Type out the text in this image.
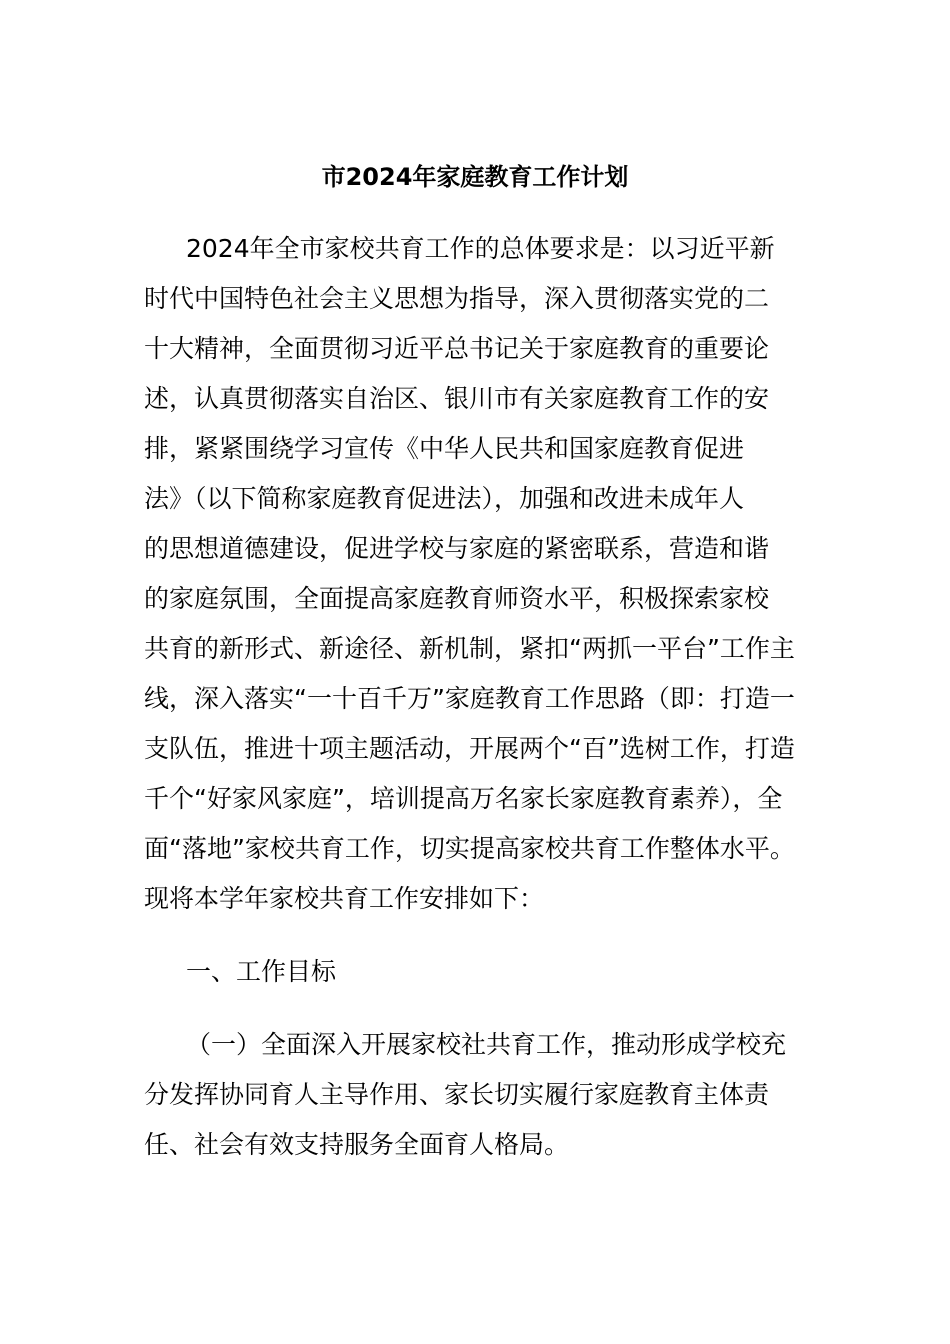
市2024年家庭教育工作计划
2024年全市家校共育工作的总体要求是：以习近平新
时代中国特色社会主义思想为指导，深入贯彻落实党的二
十大精神，全面贯彻习近平总书记关于家庭教育的重要论
述，认真贯彻落实自治区、银川市有关家庭教育工作的安
排，紧紧围绕学习宣传《中华人民共和国家庭教育促进
法》（以下简称家庭教育促进法），加强和改进未成年人
的思想道德建设，促进学校与家庭的紧密联系，营造和谐
的家庭氛围，全面提高家庭教育师资水平，积极探索家校
共育的新形式、新途径、新机制，紧扣“两抓一平台”工作主
线，深入落实“一十百千万”家庭教育工作思路（即：打造一
支队伍，推进十项主题活动，开展两个“百”选树工作，打造
千个“好家风家庭”，培训提高万名家长家庭教育素养），全
面“落地”家校共育工作，切实提高家校共育工作整体水平。
现将本学年家校共育工作安排如下：
一、工作目标
（一）全面深入开展家校社共育工作，推动形成学校充
分发挥协同育人主导作用、家长切实履行家庭教育主体责
任、社会有效支持服务全面育人格局。
